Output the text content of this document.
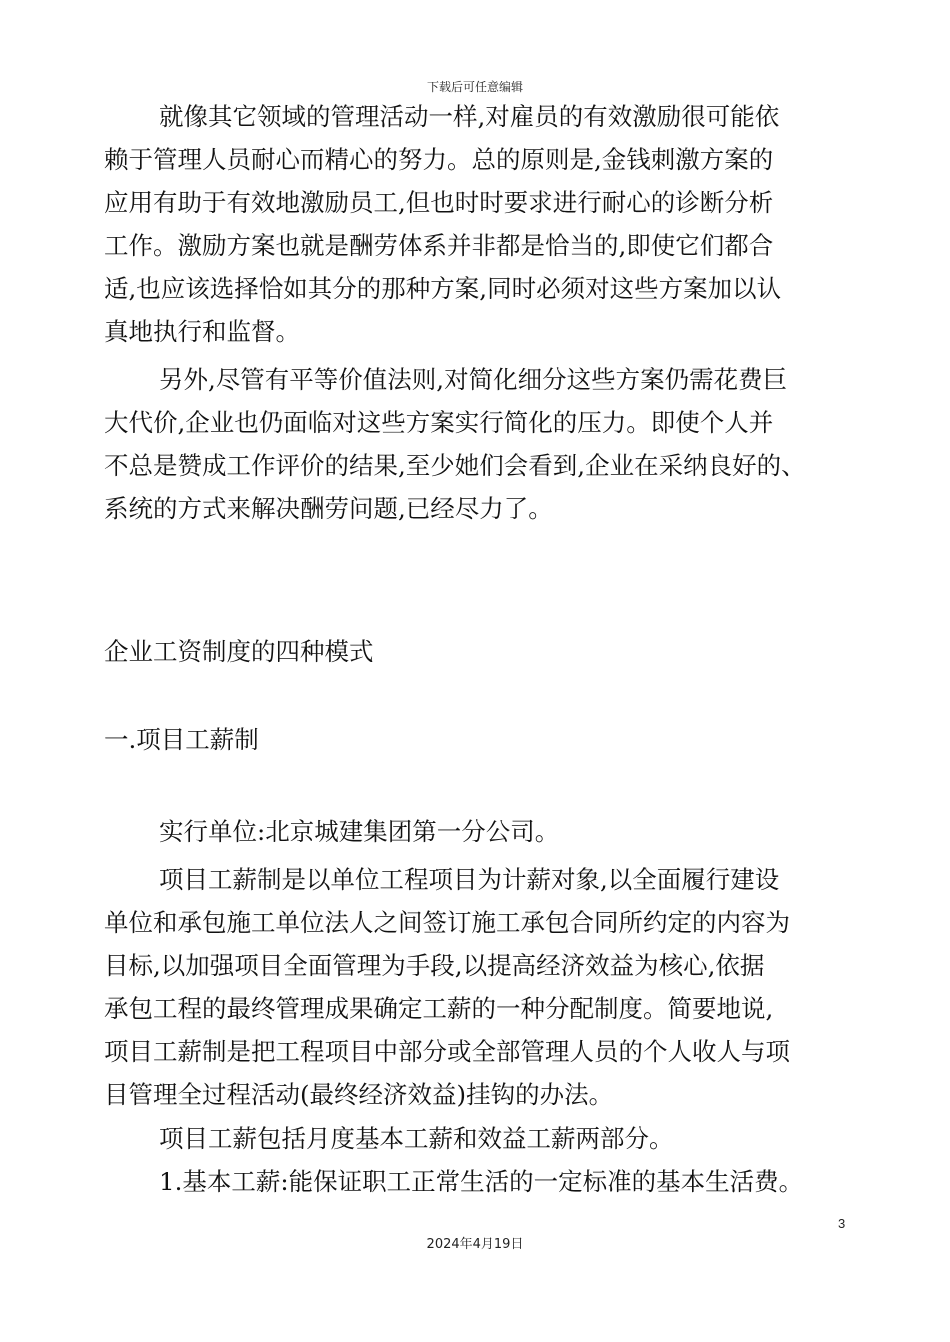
下载后可任意编辑
就像其它领域的管理活动一样,对雇员的有效激励很可能依
赖于管理人员耐心而精心的努力。总的原则是,金钱刺激方案的
应用有助于有效地激励员工,但也时时要求进行耐心的诊断分析
工作。激励方案也就是酬劳体系并非都是恰当的,即使它们都合
适,也应该选择恰如其分的那种方案,同时必须对这些方案加以认
真地执行和监督。
另外,尽管有平等价值法则,对简化细分这些方案仍需花费巨
大代价,企业也仍面临对这些方案实行简化的压力。即使个人并
不总是赞成工作评价的结果,至少她们会看到,企业在采纳良好的、
系统的方式来解决酬劳问题,已经尽力了。
企业工资制度的四种模式
一.项目工薪制
实行单位:北京城建集团第一分公司。
项目工薪制是以单位工程项目为计薪对象,以全面履行建设
单位和承包施工单位法人之间签订施工承包合同所约定的内容为
目标,以加强项目全面管理为手段,以提高经济效益为核心,依据
承包工程的最终管理成果确定工薪的一种分配制度。简要地说,
项目工薪制是把工程项目中部分或全部管理人员的个人收人与项
目管理全过程活动(最终经济效益)挂钩的办法。
项目工薪包括月度基本工薪和效益工薪两部分。
1.基本工薪:能保证职工正常生活的一定标准的基本生活费。
3
2024年4月19日
